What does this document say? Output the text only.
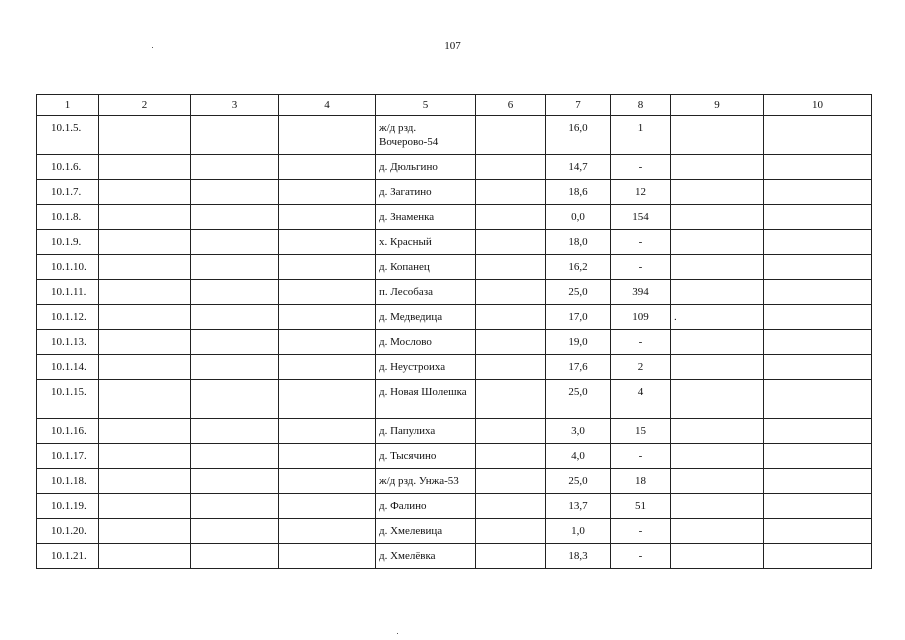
107
1	2	3	4	5	6	7	8	9	10

10.1.5.				ж/д рзд. Вочерово-54		16,0	1		

10.1.6.				д. Дюльгино		14,7	-		

10.1.7.				д. Загатино		18,6	12		

10.1.8.				д. Знаменка		0,0	154		

10.1.9.				х. Красный		18,0	-		

10.1.10.				д. Копанец		16,2	-		

10.1.11.				п. Лесобаза		25,0	394		

10.1.12.				д. Медведица		17,0	109	.	

10.1.13.				д. Мослово		19,0	-		

10.1.14.				д. Неустроиха		17,6	2		

10.1.15.				д. Новая Шолешка		25,0	4		

10.1.16.				д. Папулиха		3,0	15		

10.1.17.				д. Тысячино		4,0	-		

10.1.18.				ж/д рзд. Унжа-53		25,0	18		

10.1.19.				д. Фалино		13,7	51		

10.1.20.				д. Хмелевица		1,0	-		

10.1.21.				д. Хмелёвка		18,3	-		
